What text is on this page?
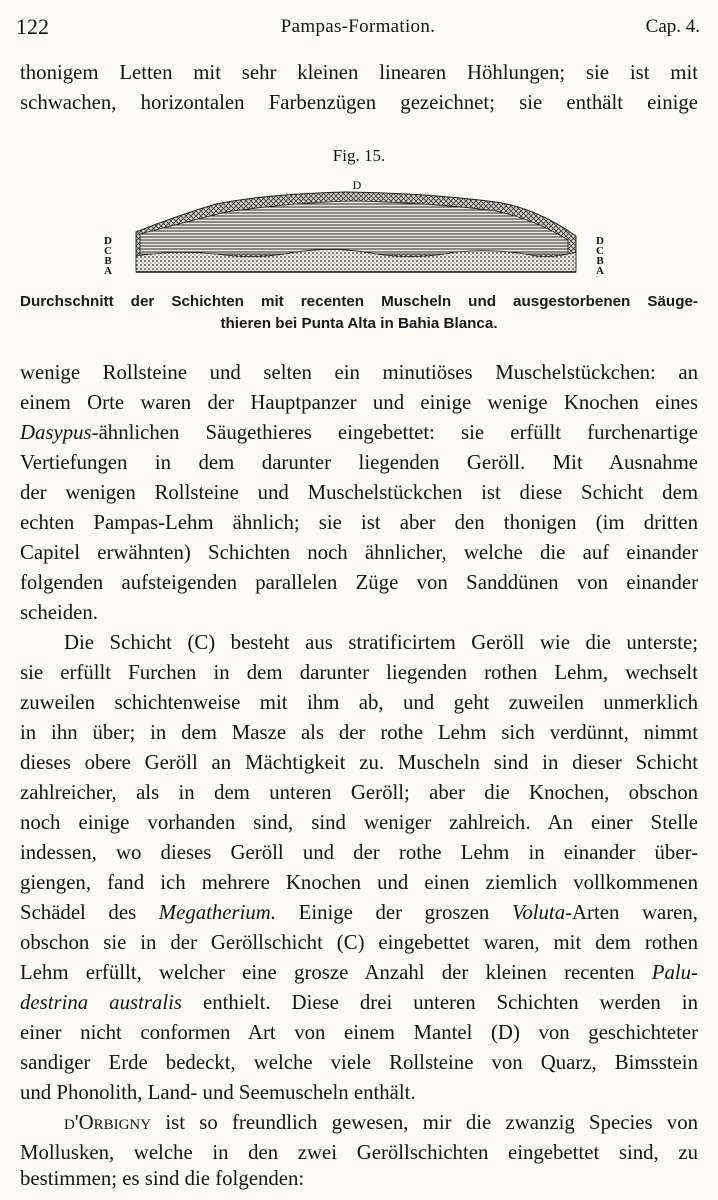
122	Pampas-Formation.	Cap. 4.
thonigem Letten mit sehr kleinen linearen Höhlungen; sie ist mit
schwachen, horizontalen Farbenzügen gezeichnet; sie enthält einige
Fig. 15.
D
D
C
B
A
D
C
B
A
Durchschnitt der Schichten mit recenten Muscheln und ausgestorbenen Säuge-
thieren bei Punta Alta in Bahia Blanca.
wenige Rollsteine und selten ein minutiöses Muschelstückchen: an
einem Orte waren der Hauptpanzer und einige wenige Knochen eines
Dasypus-ähnlichen Säugethieres eingebettet: sie erfüllt furchenartige
Vertiefungen in dem darunter liegenden Geröll. Mit Ausnahme
der wenigen Rollsteine und Muschelstückchen ist diese Schicht dem
echten Pampas-Lehm ähnlich; sie ist aber den thonigen (im dritten
Capitel erwähnten) Schichten noch ähnlicher, welche die auf einander
folgenden aufsteigenden parallelen Züge von Sanddünen von einander
scheiden.
Die Schicht (C) besteht aus stratificirtem Geröll wie die unterste;
sie erfüllt Furchen in dem darunter liegenden rothen Lehm, wechselt
zuweilen schichtenweise mit ihm ab, und geht zuweilen unmerklich
in ihn über; in dem Masze als der rothe Lehm sich verdünnt, nimmt
dieses obere Geröll an Mächtigkeit zu. Muscheln sind in dieser Schicht
zahlreicher, als in dem unteren Geröll; aber die Knochen, obschon
noch einige vorhanden sind, sind weniger zahlreich. An einer Stelle
indessen, wo dieses Geröll und der rothe Lehm in einander über-
giengen, fand ich mehrere Knochen und einen ziemlich vollkommenen
Schädel des Megatherium. Einige der groszen Voluta-Arten waren,
obschon sie in der Geröllschicht (C) eingebettet waren, mit dem rothen
Lehm erfüllt, welcher eine grosze Anzahl der kleinen recenten Palu-
destrina australis enthielt. Diese drei unteren Schichten werden in
einer nicht conformen Art von einem Mantel (D) von geschichteter
sandiger Erde bedeckt, welche viele Rollsteine von Quarz, Bimsstein
und Phonolith, Land- und Seemuscheln enthält.
d'Orbigny ist so freundlich gewesen, mir die zwanzig Species von
Mollusken, welche in den zwei Geröllschichten eingebettet sind, zu
bestimmen; es sind die folgenden:
